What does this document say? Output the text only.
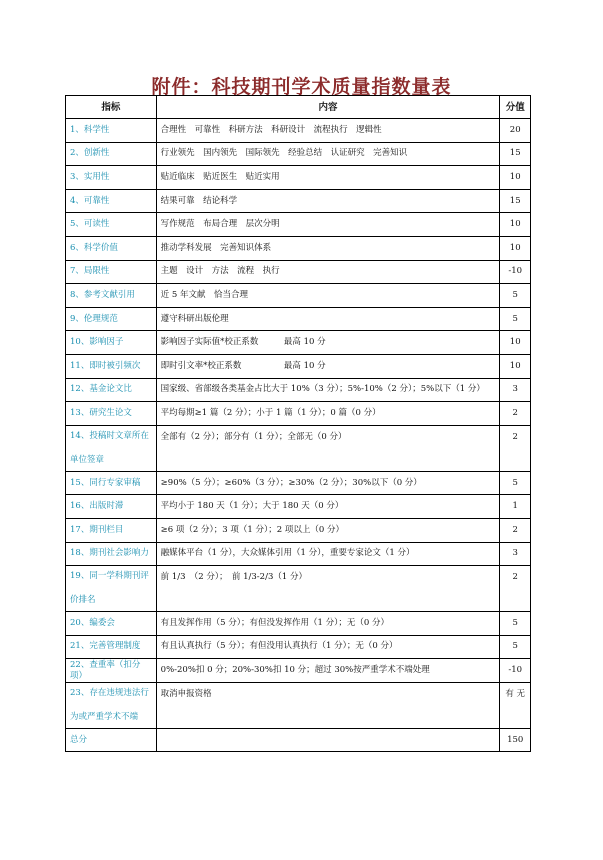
附件：科技期刊学术质量指数量表
指标	内容	分值

1、科学性	合理性　可靠性　科研方法　科研设计　流程执行　逻辑性	20

2、创新性	行业领先　国内领先　国际领先　经验总结　认证研究　完善知识	15

3、实用性	贴近临床　贴近医生　贴近实用	10

4、可靠性	结果可靠　结论科学	15

5、可读性	写作规范　布局合理　层次分明	10

6、科学价值	推动学科发展　完善知识体系	10

7、局限性	主题　设计　方法　流程　执行	-10

8、参考文献引用	近 5 年文献　恰当合理	5

9、伦理规范	遵守科研出版伦理	5

10、影响因子	影响因子实际值*校正系数　　　最高 10 分	10

11、即时被引频次	即时引文率*校正系数　　　　　最高 10 分	10

12、基金论文比	国家级、省部级各类基金占比大于 10%（3 分）；5%-10%（2 分）；5%以下（1 分）	3

13、研究生论文	平均每期≥1 篇（2 分）；小于 1 篇（1 分）；0 篇（0 分）	2

14、投稿时文章所在
单位签章	全部有（2 分）；部分有（1 分）；全部无（0 分）	2

15、同行专家审稿	≥90%（5 分）；≥60%（3 分）；≥30%（2 分）；30%以下（0 分）	5

16、出版时滞	平均小于 180 天（1 分）；大于 180 天（0 分）	1

17、期刊栏目	≥6 项（2 分）；3 项（1 分）；2 项以上（0 分）	2

18、期刊社会影响力	融媒体平台（1 分），大众媒体引用（1 分），重要专家论文（1 分）	3

19、同一学科期刊评
价排名	前 1/3　（2 分）；　前 1/3-2/3（1 分）	2

20、编委会	有且发挥作用（5 分）；有但没发挥作用（1 分）；无（0 分）	5

21、完善管理制度	有且认真执行（5 分）；有但没用认真执行（1 分）；无（0 分）	5

22、查重率（扣分项）	0%-20%扣 0 分；20%-30%扣 10 分；超过 30%按严重学术不端处理	-10

23、存在违规违法行
为或严重学术不端	取消申报资格	有 无

总分		150
